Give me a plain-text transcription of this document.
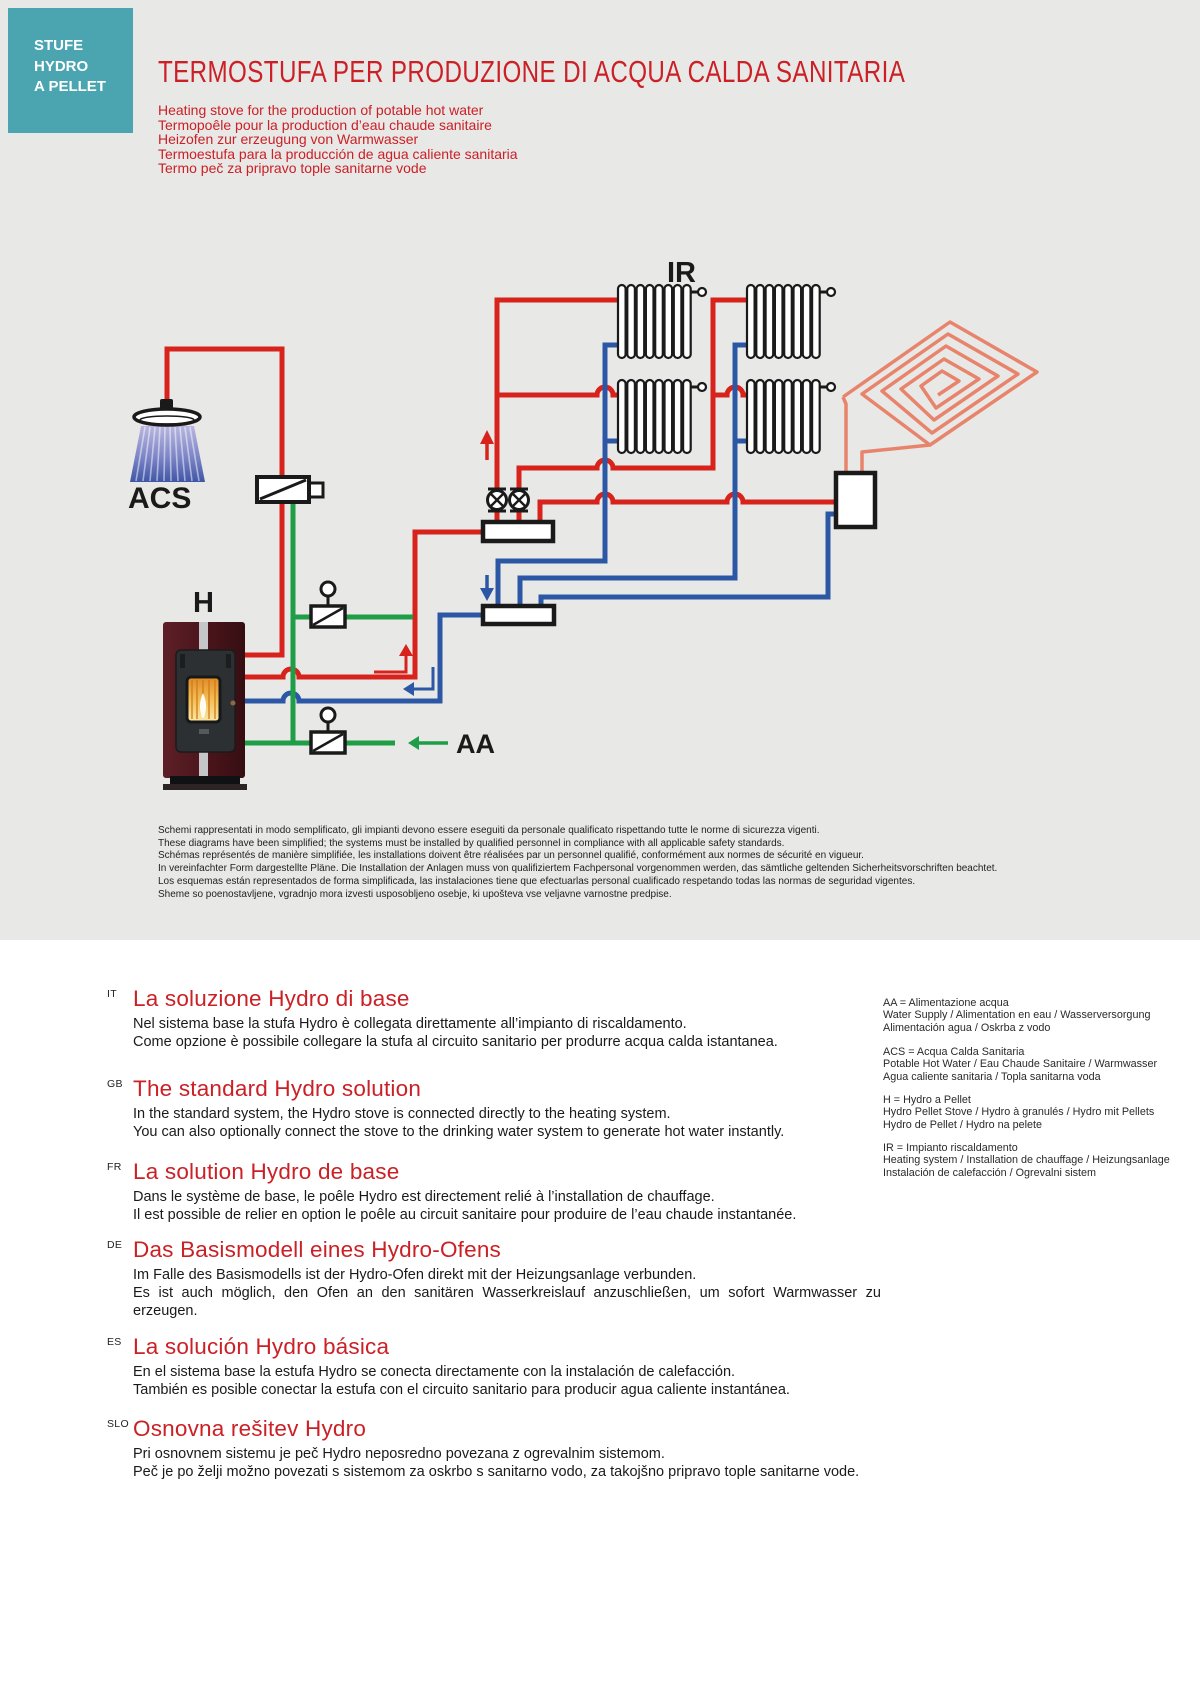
STUFE
HYDRO
A PELLET	TERMOSTUFA PER PRODUZIONE DI ACQUA CALDA SANITARIA
Heating stove for the production of potable hot water
Termopoêle pour la production d’eau chaude sanitaire
Heizofen zur erzeugung von Warmwasser
Termoestufa para la producción de agua caliente sanitaria
Termo peč za pripravo tople sanitarne vode
IR
ACS
H
AA
Schemi rappresentati in modo semplificato, gli impianti devono essere eseguiti da personale qualificato rispettando tutte le norme di sicurezza vigenti.
These diagrams have been simplified; the systems must be installed by qualified personnel in compliance with all applicable safety standards.
Schémas représentés de manière simplifiée, les installations doivent être réalisées par un personnel qualifié, conformément aux normes de sécurité en vigueur.
In vereinfachter Form dargestellte Pläne. Die Installation der Anlagen muss von qualifiziertem Fachpersonal vorgenommen werden, das sämtliche geltenden Sicherheitsvorschriften beachtet.
Los esquemas están representados de forma simplificada, las instalaciones tiene que efectuarlas personal cualificado respetando todas las normas de seguridad vigentes.
Sheme so poenostavljene, vgradnjo mora izvesti usposobljeno osebje, ki upošteva vse veljavne varnostne predpise.
IT La soluzione Hydro di base
Nel sistema base la stufa Hydro è collegata direttamente all’impianto di riscaldamento.
Come opzione è possibile collegare la stufa al circuito sanitario per produrre acqua calda istantanea.
GB The standard Hydro solution
In the standard system, the Hydro stove is connected directly to the heating system.
You can also optionally connect the stove to the drinking water system to generate hot water instantly.
FR La solution Hydro de base
Dans le système de base, le poêle Hydro est directement relié à l’installation de chauffage.
Il est possible de relier en option le poêle au circuit sanitaire pour produire de l’eau chaude instantanée.
DE Das Basismodell eines Hydro-Ofens
Im Falle des Basismodells ist der Hydro-Ofen direkt mit der Heizungsanlage verbunden.
Es ist auch möglich, den Ofen an den sanitären Wasserkreislauf anzuschließen, um sofort Warmwasser zu erzeugen.
ES La solución Hydro básica
En el sistema base la estufa Hydro se conecta directamente con la instalación de calefacción.
También es posible conectar la estufa con el circuito sanitario para producir agua caliente instantánea.
SLO Osnovna rešitev Hydro
Pri osnovnem sistemu je peč Hydro neposredno povezana z ogrevalnim sistemom.
Peč je po želji možno povezati s sistemom za oskrbo s sanitarno vodo, za takojšno pripravo tople sanitarne vode.
AA = Alimentazione acqua
Water Supply / Alimentation en eau / Wasserversorgung
Alimentación agua / Oskrba z vodo
ACS = Acqua Calda Sanitaria
Potable Hot Water / Eau Chaude Sanitaire / Warmwasser
Agua caliente sanitaria / Topla sanitarna voda
H = Hydro a Pellet
Hydro Pellet Stove / Hydro à granulés / Hydro mit Pellets
Hydro de Pellet / Hydro na pelete
IR = Impianto riscaldamento
Heating system / Installation de chauffage / Heizungsanlage
Instalación de calefacción / Ogrevalni sistem
